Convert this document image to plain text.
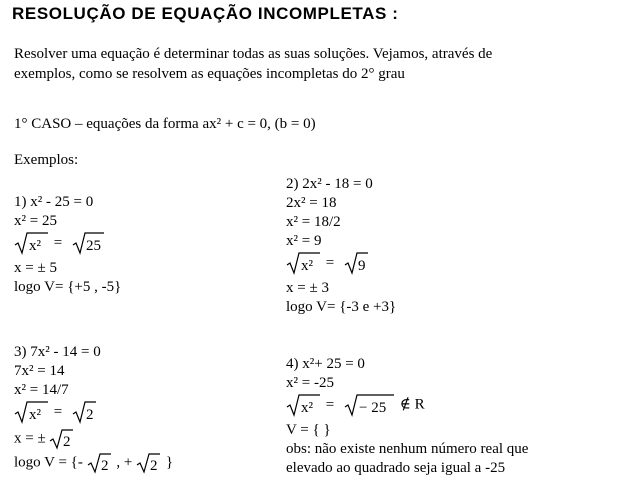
RESOLUÇÃO DE EQUAÇÃO INCOMPLETAS :
Resolver uma equação é determinar todas as suas soluções. Vejamos, através de
exemplos, como se resolvem as equações incompletas do 2° grau
1° CASO – equações da forma ax² + c = 0, (b = 0)
Exemplos:
1) x² - 25 = 0
x² = 25
x² = 25
x = ± 5
logo V= {+5 , -5}
2) 2x² - 18 = 0
2x² = 18
x² = 18/2
x² = 9
x² = 9
x = ± 3
logo V= {-3 e +3}
3) 7x² - 14 = 0
7x² = 14
x² = 14/7
x² = 2
x = ± 2
logo V = {- 2 , + 2 }
4) x²+ 25 = 0
x² = -25
x² = − 25 ∉ R
V = { }
obs: não existe nenhum número real que
elevado ao quadrado seja igual a -25
